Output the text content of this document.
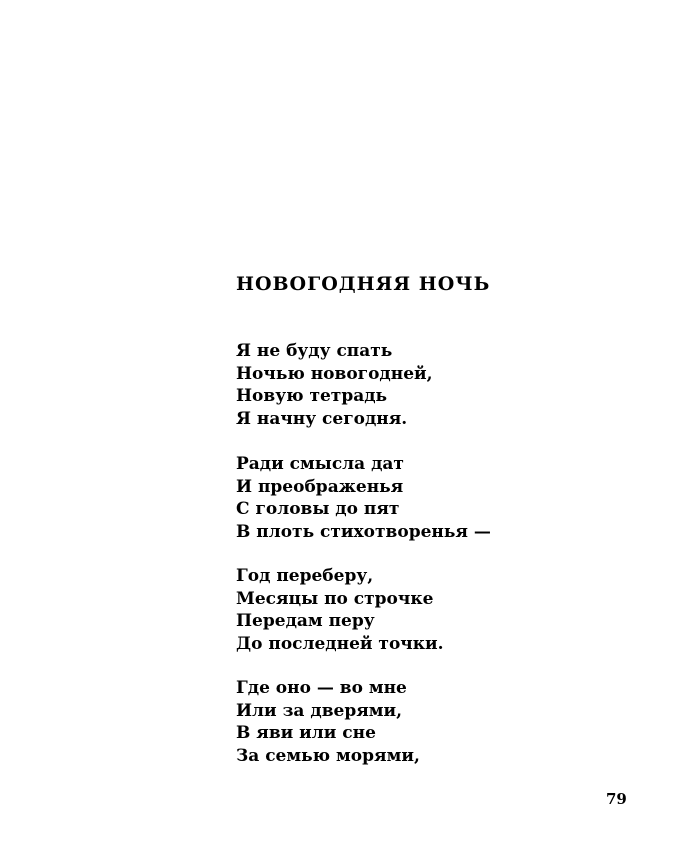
НОВОГОДНЯЯ НОЧЬ
Я не буду спать
Ночью новогодней,
Новую тетрадь
Я начну сегодня.
Ради смысла дат
И преображенья
С головы до пят
В плоть стихотворенья —
Год переберу,
Месяцы по строчке
Передам перу
До последней точки.
Где оно — во мне
Или за дверями,
В яви или сне
За семью морями,
79
